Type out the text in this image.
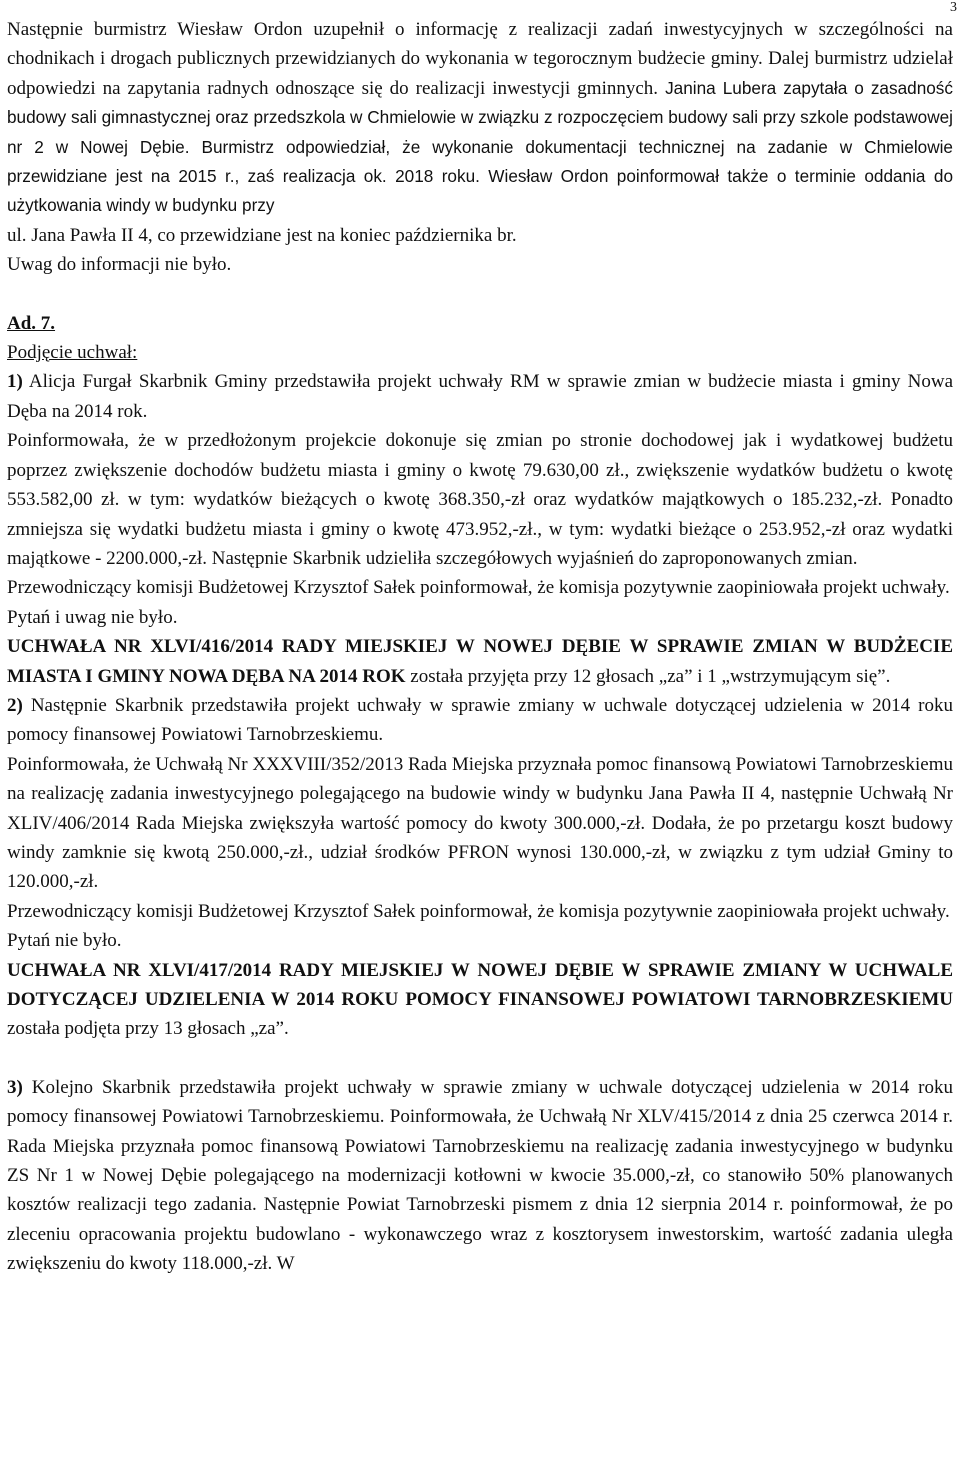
3

Następnie burmistrz Wiesław Ordon uzupełnił o informację z realizacji zadań inwestycyjnych w szczególności na chodnikach i drogach publicznych przewidzianych do wykonania w tegorocznym budżecie gminy. Dalej burmistrz udzielał odpowiedzi na zapytania radnych odnoszące się do realizacji inwestycji gminnych. Janina Lubera zapytała o zasadność budowy sali gimnastycznej oraz przedszkola w Chmielowie w związku z rozpoczęciem budowy sali przy szkole podstawowej nr 2 w Nowej Dębie. Burmistrz odpowiedział, że wykonanie dokumentacji technicznej na zadanie w Chmielowie przewidziane jest na 2015 r., zaś realizacja ok. 2018 roku. Wiesław Ordon poinformował także o terminie oddania do użytkowania windy w budynku przy

ul. Jana Pawła II 4, co przewidziane jest na koniec października br.

Uwag do informacji nie było.

Ad. 7.

Podjęcie uchwał:

1) Alicja Furgał Skarbnik Gminy przedstawiła projekt uchwały RM w sprawie zmian w budżecie miasta i gminy Nowa Dęba na 2014 rok.

Poinformowała, że w przedłożonym projekcie dokonuje się zmian po stronie dochodowej jak i wydatkowej budżetu poprzez zwiększenie dochodów budżetu miasta i gminy o kwotę 79.630,00 zł., zwiększenie wydatków budżetu o kwotę 553.582,00 zł. w tym: wydatków bieżących o kwotę 368.350,-zł oraz wydatków majątkowych o 185.232,-zł. Ponadto zmniejsza się wydatki budżetu miasta i gminy o kwotę 473.952,-zł., w tym: wydatki bieżące o 253.952,-zł oraz wydatki majątkowe - 2200.000,-zł. Następnie Skarbnik udzieliła szczegółowych wyjaśnień do zaproponowanych zmian.

Przewodniczący komisji Budżetowej Krzysztof Sałek poinformował, że komisja pozytywnie zaopiniowała projekt uchwały.

Pytań i uwag nie było.

UCHWAŁA NR XLVI/416/2014 RADY MIEJSKIEJ W NOWEJ DĘBIE W SPRAWIE ZMIAN W BUDŻECIE MIASTA I GMINY NOWA DĘBA NA 2014 ROK została przyjęta przy 12 głosach „za” i 1 „wstrzymującym się”.

2) Następnie Skarbnik przedstawiła projekt uchwały w sprawie zmiany w uchwale dotyczącej udzielenia w 2014 roku pomocy finansowej Powiatowi Tarnobrzeskiemu.

Poinformowała, że Uchwałą Nr XXXVIII/352/2013 Rada Miejska przyznała pomoc finansową Powiatowi Tarnobrzeskiemu na realizację zadania inwestycyjnego polegającego na budowie windy w budynku Jana Pawła II 4, następnie Uchwałą Nr XLIV/406/2014 Rada Miejska zwiększyła wartość pomocy do kwoty 300.000,-zł. Dodała, że po przetargu koszt budowy windy zamknie się kwotą 250.000,-zł., udział środków PFRON wynosi 130.000,-zł, w związku z tym udział Gminy to 120.000,-zł.

Przewodniczący komisji Budżetowej Krzysztof Sałek poinformował, że komisja pozytywnie zaopiniowała projekt uchwały.

Pytań nie było.

UCHWAŁA NR XLVI/417/2014 RADY MIEJSKIEJ W NOWEJ DĘBIE W SPRAWIE ZMIANY W UCHWALE DOTYCZĄCEJ UDZIELENIA W 2014 ROKU POMOCY FINANSOWEJ POWIATOWI TARNOBRZESKIEMU została podjęta przy 13 głosach „za”.

3) Kolejno Skarbnik przedstawiła projekt uchwały w sprawie zmiany w uchwale dotyczącej udzielenia w 2014 roku pomocy finansowej Powiatowi Tarnobrzeskiemu. Poinformowała, że Uchwałą Nr XLV/415/2014 z dnia 25 czerwca 2014 r. Rada Miejska przyznała pomoc finansową Powiatowi Tarnobrzeskiemu na realizację zadania inwestycyjnego w budynku ZS Nr 1 w Nowej Dębie polegającego na modernizacji kotłowni w kwocie 35.000,-zł, co stanowiło 50% planowanych kosztów realizacji tego zadania. Następnie Powiat Tarnobrzeski pismem z dnia 12 sierpnia 2014 r. poinformował, że po zleceniu opracowania projektu budowlano - wykonawczego wraz z kosztorysem inwestorskim, wartość zadania uległa zwiększeniu do kwoty 118.000,-zł. W
